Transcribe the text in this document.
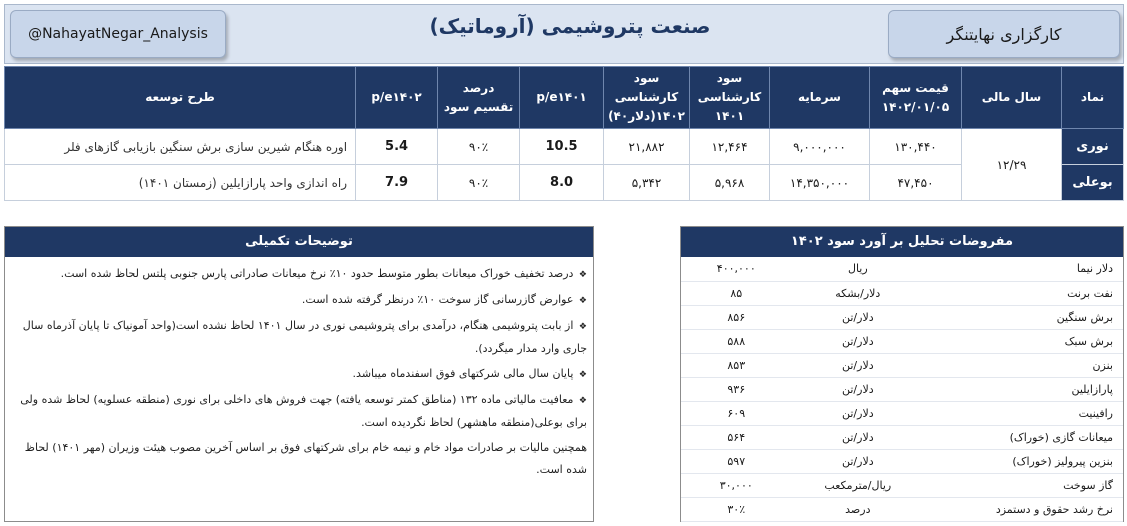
@NahayatNegar_Analysis	صنعت پتروشیمی (آروماتیک)	کارگزاری نهایتنگر
نماد	سال مالی	قیمت سهم ۱۴۰۲/۰۱/۰۵	سرمایه	سود کارشناسی ۱۴۰۱	سود کارشناسی ۱۴۰۲(دلار۴۰)	p/e۱۴۰۱	درصد تقسیم سود	p/e۱۴۰۲	طرح توسعه
نوری	۱۲/۲۹	۱۳۰,۴۴۰	۹,۰۰۰,۰۰۰	۱۲,۴۶۴	۲۱,۸۸۲	10.5	۹۰٪	5.4	اوره هنگام شیرین سازی برش سنگین بازیابی گازهای فلر
بوعلی		۴۷,۴۵۰	۱۴,۳۵۰,۰۰۰	۵,۹۶۸	۵,۳۴۲	8.0	۹۰٪	7.9	راه اندازی واحد پارازایلین (زمستان ۱۴۰۱)
توضیحات تکمیلی
❖ درصد تخفیف خوراک میعانات بطور متوسط حدود ۱۰٪ نرخ میعانات صادراتی پارس جنوبی پلتس لحاظ شده است.
❖ عوارض گازرسانی گاز سوخت ۱۰٪ درنظر گرفته شده است.
❖ از بابت پتروشیمی هنگام، درآمدی برای پتروشیمی نوری در سال ۱۴۰۱ لحاظ نشده است(واحد آمونیاک تا پایان آذرماه سال جاری وارد مدار میگردد).
❖ پایان سال مالی شرکتهای فوق اسفندماه میباشد.
❖ معافیت مالیاتی ماده ۱۳۲ (مناطق کمتر توسعه یافته) جهت فروش های داخلی برای نوری (منطقه عسلویه) لحاظ شده ولی برای بوعلی(منطقه ماهشهر) لحاظ نگردیده است.
همچنین مالیات بر صادرات مواد خام و نیمه خام برای شرکتهای فوق بر اساس آخرین مصوب هیئت وزیران (مهر ۱۴۰۱) لحاظ شده است.
مفروضات تحلیل بر آورد سود ۱۴۰۲
دلار نیما	ریال	۴۰۰,۰۰۰
نفت برنت	دلار/بشکه	۸۵
برش سنگین	دلار/تن	۸۵۶
برش سبک	دلار/تن	۵۸۸
بنزن	دلار/تن	۸۵۳
پارازایلین	دلار/تن	۹۳۶
رافینیت	دلار/تن	۶۰۹
میعانات گازی (خوراک)	دلار/تن	۵۶۴
بنزین پیرولیز (خوراک)	دلار/تن	۵۹۷
گاز سوخت	ریال/مترمکعب	۳۰,۰۰۰
نرخ رشد حقوق و دستمزد	درصد	۳۰٪
